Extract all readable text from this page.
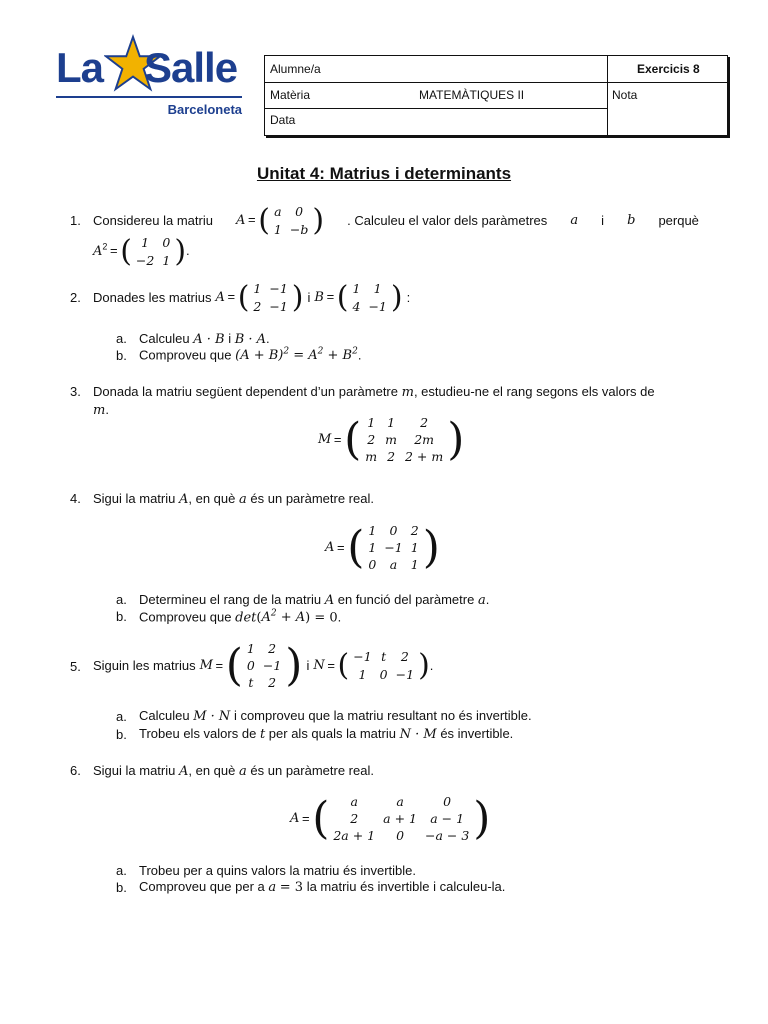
La Salle
Barceloneta
Alumne/a	Exercicis 8
Matèria	MATEMÀTIQUES II	Nota
Data
Unitat 4: Matrius i determinants
1. Considereu la matriu A =  ( a	0
1	−b ) . Calculeu el valor dels paràmetres a i b perquè
$A^2$ =  ( 1	0
−2	1 ) .
2. Donades les matrius A =  ( 1	−1
2	−1 ) i B =  ( 1	1
4	−1 ) :
a. Calculeu A · B i B · A.
b. Comproveu que $(A + B)^2 = A^2 + B^2$.
3. Donada la matriu següent dependent d’un paràmetre m, estudieu-ne el rang segons els valors de
m.
M  =  ( 1	1	2
2	m	2m
m	2	2 + m )
4. Sigui la matriu A, en què a és un paràmetre real.
A  =  ( 1	0	2
1	−1	1
0	a	1 )
a. Determineu el rang de la matriu A en funció del paràmetre a.
b. Comproveu que $\det(A^2 + A) = 0$.
5. Siguin les matrius M  =  ( 1	2
0	−1
t	2 ) i N  =  ( −1	t	2
1	0	−1 ) .
a. Calculeu M · N i comproveu que la matriu resultant no és invertible.
b. Trobeu els valors de t per als quals la matriu N · M és invertible.
6. Sigui la matriu A, en què a és un paràmetre real.
A  =  ( a	a	0
2	a + 1	a − 1
2a + 1	0	−a − 3 )
a. Trobeu per a quins valors la matriu és invertible.
b. Comproveu que per a a = 3 la matriu és invertible i calculeu-la.
